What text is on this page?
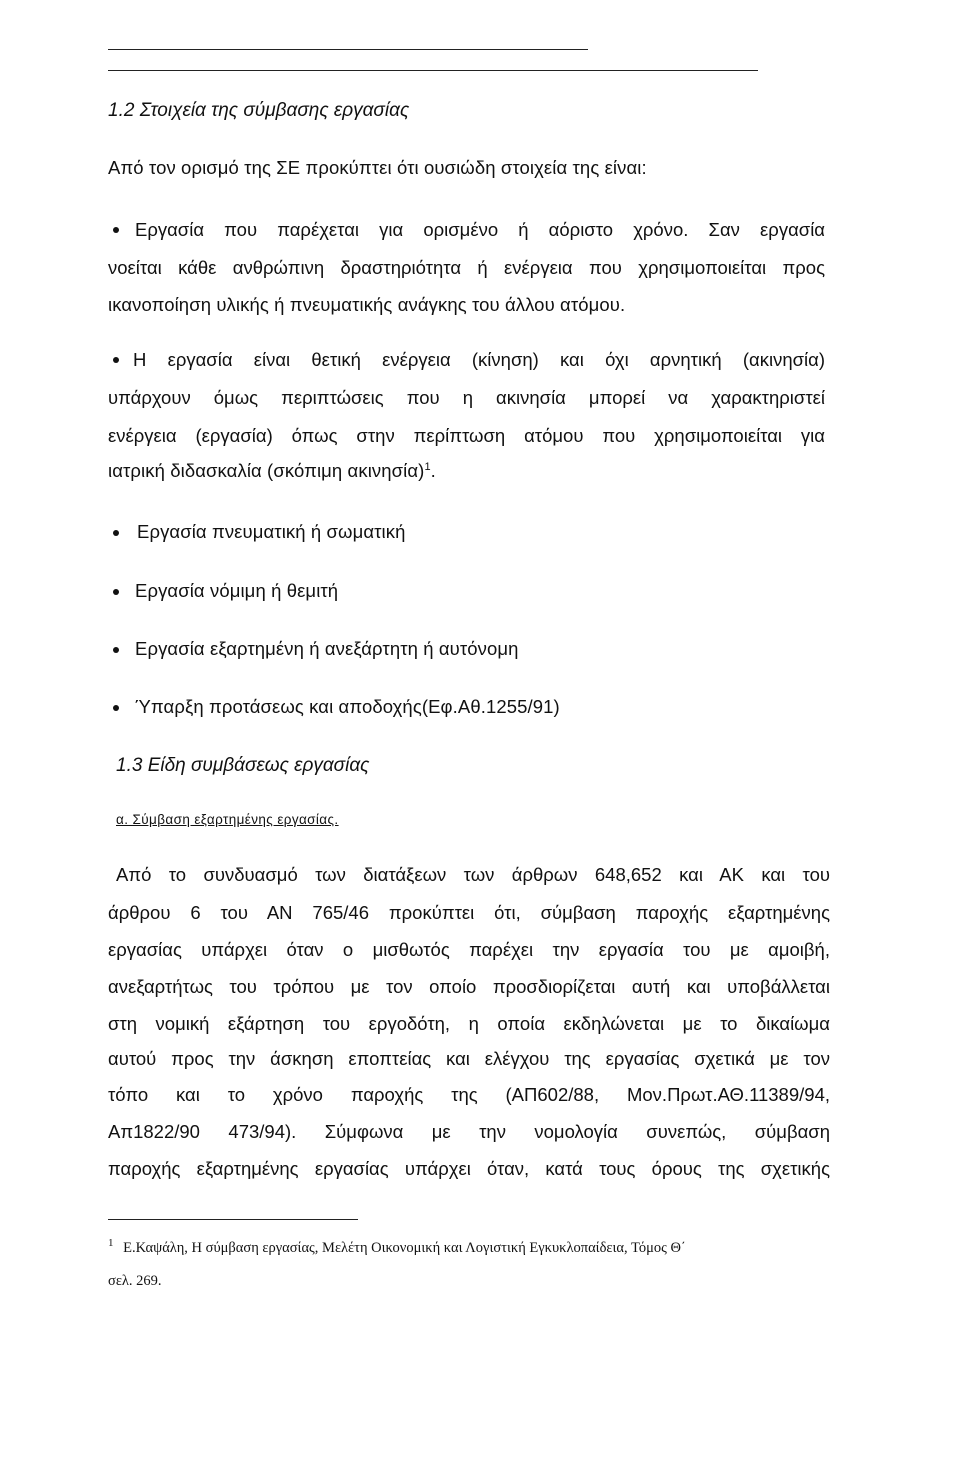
1.2 Στοιχεία της σύμβασης εργασίας
Από τον ορισμό της ΣΕ προκύπτει ότι ουσιώδη στοιχεία της είναι:
Εργασία που παρέχεται για ορισμένο ή αόριστο χρόνο. Σαν εργασία
νοείται κάθε ανθρώπινη δραστηριότητα ή ενέργεια που χρησιμοποιείται προς
ικανοποίηση υλικής ή πνευματικής ανάγκης του άλλου ατόμου.
Η εργασία είναι θετική ενέργεια (κίνηση) και όχι αρνητική (ακινησία)
υπάρχουν όμως περιπτώσεις που η ακινησία μπορεί να χαρακτηριστεί
ενέργεια (εργασία) όπως στην περίπτωση ατόμου που χρησιμοποιείται για
ιατρική διδασκαλία (σκόπιμη ακινησία)$^1$.
Εργασία πνευματική ή σωματική
Εργασία νόμιμη ή θεμιτή
Εργασία εξαρτημένη ή ανεξάρτητη ή αυτόνομη
Ύπαρξη προτάσεως και αποδοχής(Εφ.Αθ.1255/91)
1.3 Είδη συμβάσεως εργασίας
α. Σύμβαση εξαρτημένης εργασίας.
Από το συνδυασμό των διατάξεων των άρθρων 648,652 και ΑΚ και του
άρθρου 6 του ΑΝ 765/46 προκύπτει ότι, σύμβαση παροχής εξαρτημένης
εργασίας υπάρχει όταν ο μισθωτός παρέχει την εργασία του με αμοιβή,
ανεξαρτήτως του τρόπου με τον οποίο προσδιορίζεται αυτή και υποβάλλεται
στη νομική εξάρτηση του εργοδότη, η οποία εκδηλώνεται με το δικαίωμα
αυτού προς την άσκηση εποπτείας και ελέγχου της εργασίας σχετικά με τον
τόπο και το χρόνο παροχής της (ΑΠ602/88, Μον.Πρωτ.ΑΘ.11389/94,
Απ1822/90 473/94). Σύμφωνα με την νομολογία συνεπώς, σύμβαση
παροχής εξαρτημένης εργασίας υπάρχει όταν, κατά τους όρους της σχετικής
$^1$ Ε.Καψάλη, Η σύμβαση εργασίας, Μελέτη Οικονομική και Λογιστική Εγκυκλοπαίδεια, Τόμος Θ΄
σελ. 269.
